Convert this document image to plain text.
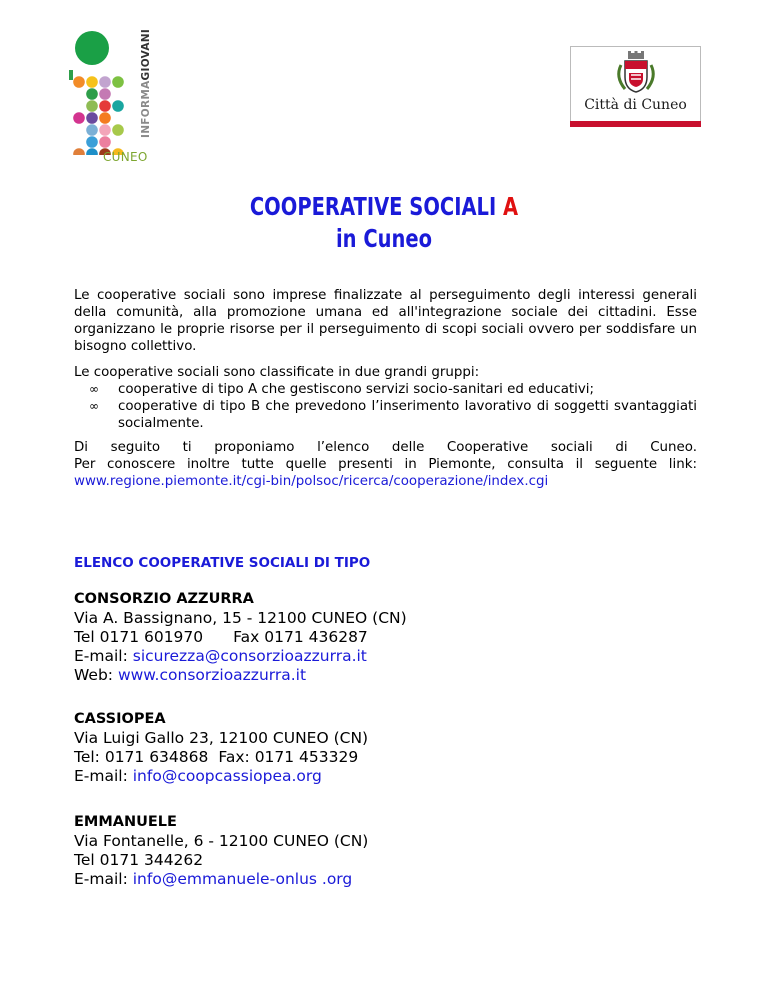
INFORMAGIOVANI
CUNEO
Città di Cuneo
COOPERATIVE SOCIALI A
in Cuneo
Le cooperative sociali sono imprese finalizzate al perseguimento degli interessi generali della comunità, alla promozione umana ed all'integrazione sociale dei cittadini. Esse organizzano le proprie risorse per il perseguimento di scopi sociali ovvero per soddisfare un bisogno collettivo.
Le cooperative sociali sono classificate in due grandi gruppi:
∞ cooperative di tipo A che gestiscono servizi socio-sanitari ed educativi;
∞ cooperative di tipo B che prevedono l’inserimento lavorativo di soggetti svantaggiati socialmente.
Di seguito ti proponiamo l’elenco delle Cooperative sociali di Cuneo.
Per conoscere inoltre tutte quelle presenti in Piemonte, consulta il seguente link:
www.regione.piemonte.it/cgi-bin/polsoc/ricerca/cooperazione/index.cgi
ELENCO COOPERATIVE SOCIALI DI TIPO
CONSORZIO AZZURRA
Via A. Bassignano, 15 - 12100 CUNEO (CN)
Tel 0171 601970 Fax 0171 436287
E-mail: sicurezza@consorzioazzurra.it
Web: www.consorzioazzurra.it
CASSIOPEA
Via Luigi Gallo 23, 12100 CUNEO (CN)
Tel: 0171 634868 Fax: 0171 453329
E-mail: info@coopcassiopea.org
EMMANUELE
Via Fontanelle, 6 - 12100 CUNEO (CN)
Tel 0171 344262
E-mail: info@emmanuele-onlus .org
